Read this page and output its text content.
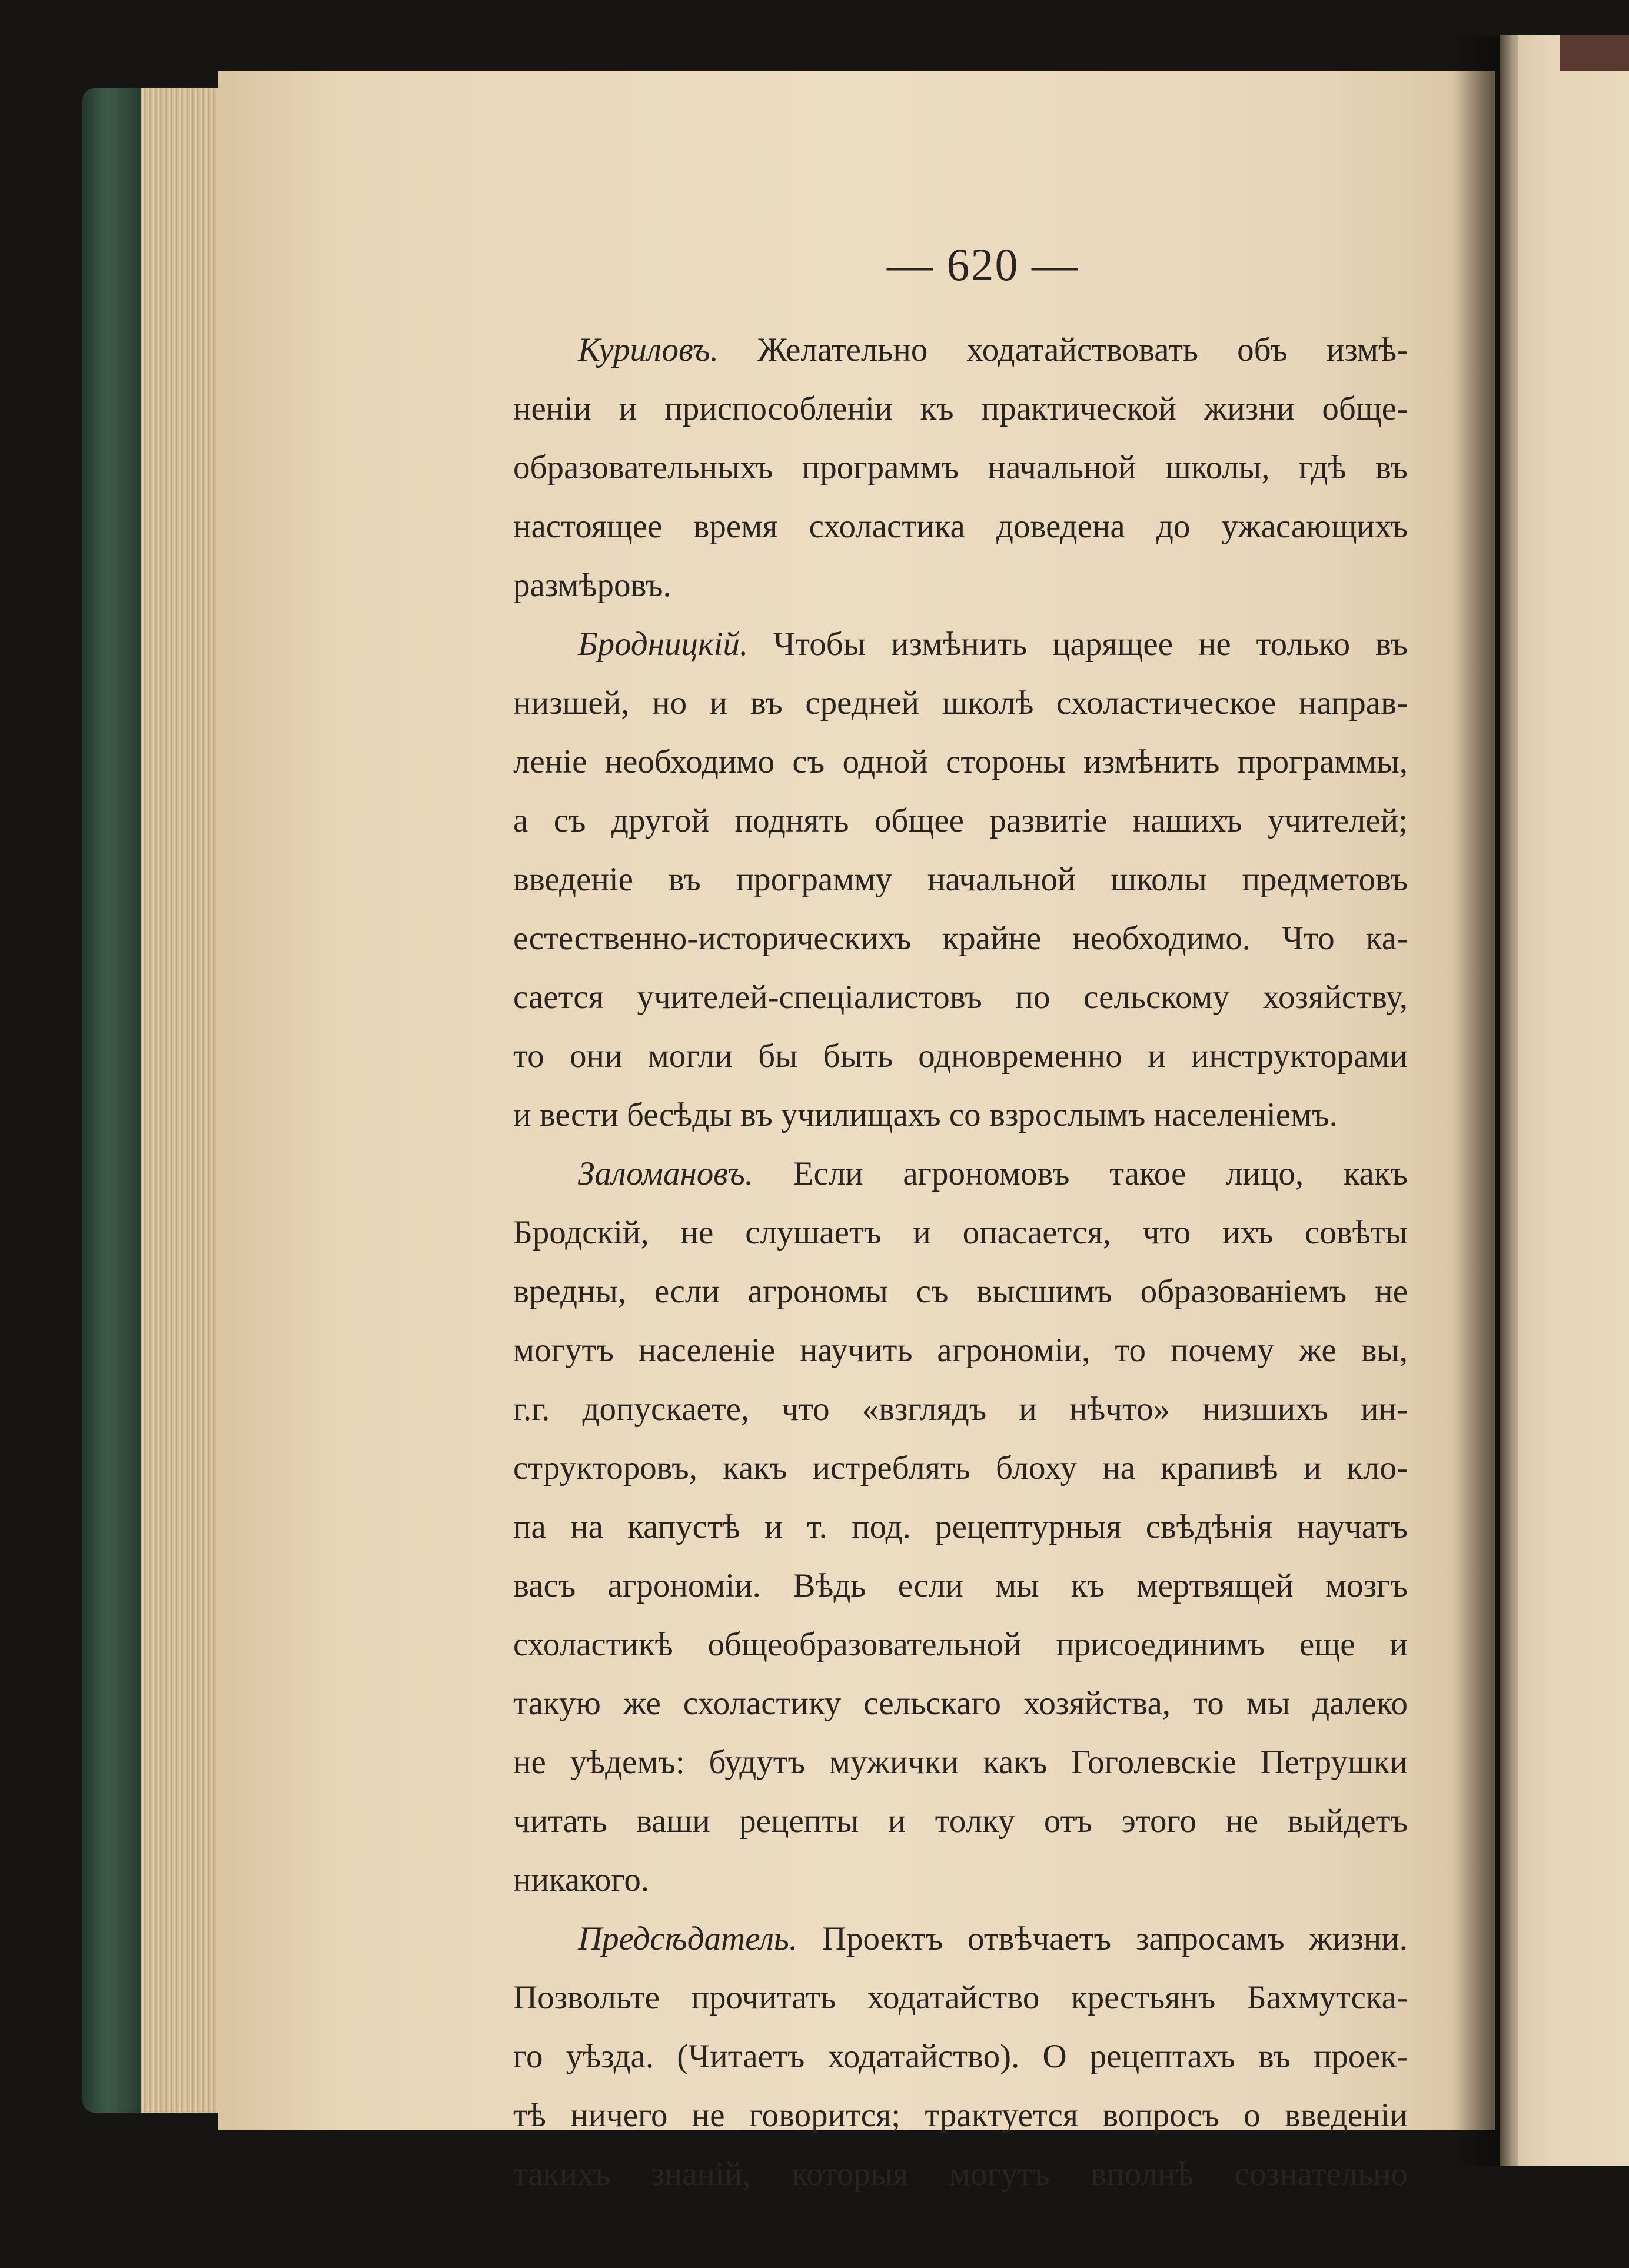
— 620 —
Куриловъ. Желательно ходатайствовать объ измѣ-
неніи и приспособленіи къ практической жизни обще-
образовательныхъ программъ начальной школы, гдѣ въ
настоящее время схоластика доведена до ужасающихъ
размѣровъ.
Бродницкій. Чтобы измѣнить царящее не только въ
низшей, но и въ средней школѣ схоластическое направ-
леніе необходимо съ одной стороны измѣнить программы,
а съ другой поднять общее развитіе нашихъ учителей;
введеніе въ программу начальной школы предметовъ
естественно-историческихъ крайне необходимо. Что ка-
сается учителей-спеціалистовъ по сельскому хозяйству,
то они могли бы быть одновременно и инструкторами
и вести бесѣды въ училищахъ со взрослымъ населеніемъ.
Заломановъ. Если агрономовъ такое лицо, какъ
Бродскій, не слушаетъ и опасается, что ихъ совѣты
вредны, если агрономы съ высшимъ образованіемъ не
могутъ населеніе научить агрономіи, то почему же вы,
г.г. допускаете, что «взглядъ и нѣчто» низшихъ ин-
структоровъ, какъ истреблять блоху на крапивѣ и кло-
па на капустѣ и т. под. рецептурныя свѣдѣнія научатъ
васъ агрономіи. Вѣдь если мы къ мертвящей мозгъ
схоластикѣ общеобразовательной присоединимъ еще и
такую же схоластику сельскаго хозяйства, то мы далеко
не уѣдемъ: будутъ мужички какъ Гоголевскіе Петрушки
читать ваши рецепты и толку отъ этого не выйдетъ
никакого.
Предсѣдатель. Проектъ отвѣчаетъ запросамъ жизни.
Позвольте прочитать ходатайство крестьянъ Бахмутска-
го уѣзда. (Читаетъ ходатайство). О рецептахъ въ проек-
тѣ ничего не говорится; трактуется вопросъ о введеніи
такихъ знаній, которыя могутъ вполнѣ сознательно
